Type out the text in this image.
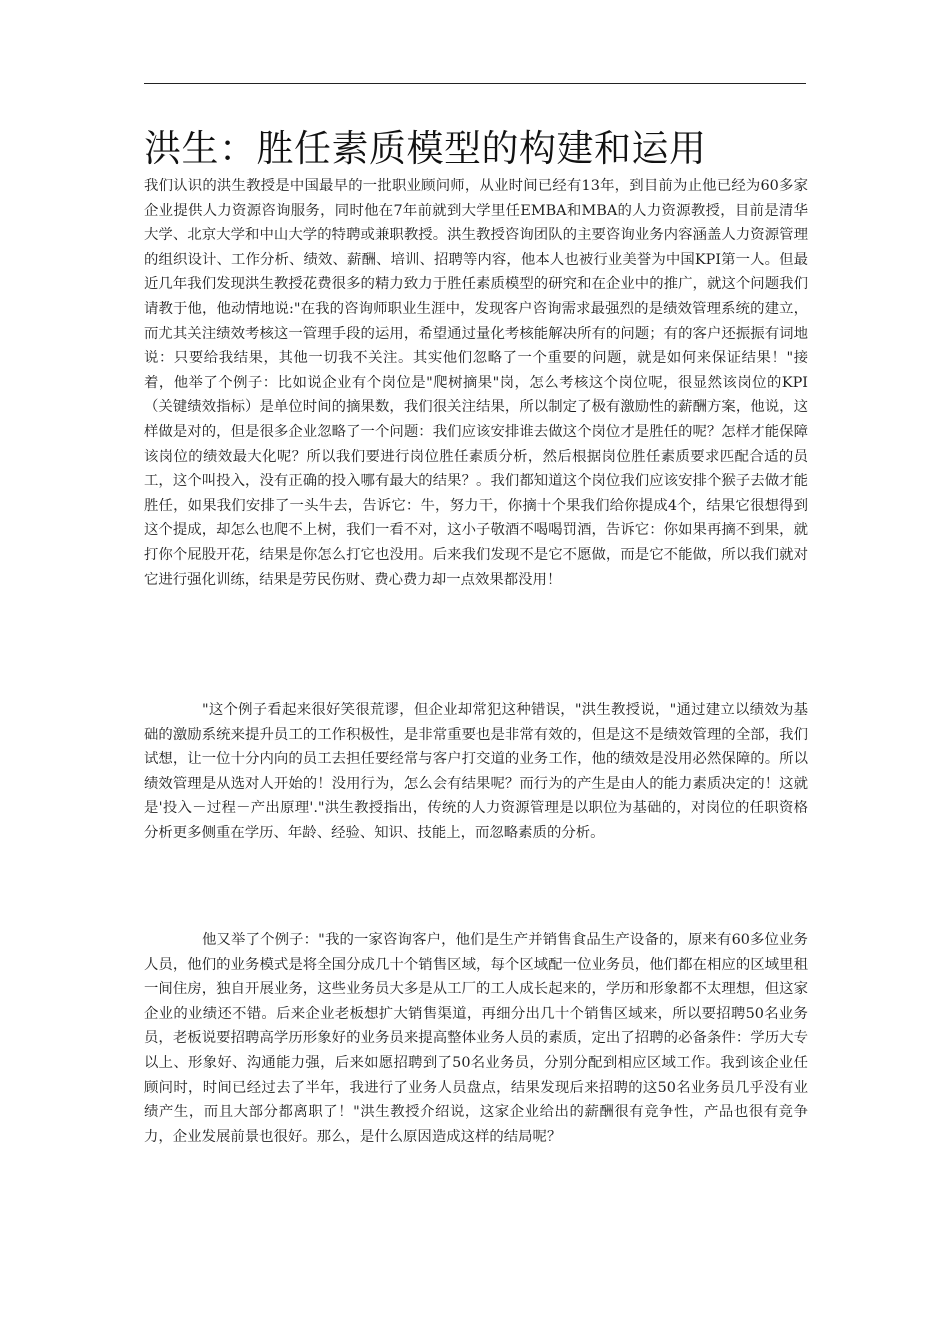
洪生：胜任素质模型的构建和运用

我们认识的洪生教授是中国最早的一批职业顾问师，从业时间已经有13年，到目前为止他已经为60多家企业提供人力资源咨询服务，同时他在7年前就到大学里任EMBA和MBA的人力资源教授，目前是清华大学、北京大学和中山大学的特聘或兼职教授。洪生教授咨询团队的主要咨询业务内容涵盖人力资源管理的组织设计、工作分析、绩效、薪酬、培训、招聘等内容，他本人也被行业美誉为中国KPI第一人。但最近几年我们发现洪生教授花费很多的精力致力于胜任素质模型的研究和在企业中的推广，就这个问题我们请教于他，他动情地说:"在我的咨询师职业生涯中，发现客户咨询需求最强烈的是绩效管理系统的建立，而尤其关注绩效考核这一管理手段的运用，希望通过量化考核能解决所有的问题；有的客户还振振有词地说：只要给我结果，其他一切我不关注。其实他们忽略了一个重要的问题，就是如何来保证结果！"接着，他举了个例子：比如说企业有个岗位是"爬树摘果"岗，怎么考核这个岗位呢，很显然该岗位的KPI（关键绩效指标）是单位时间的摘果数，我们很关注结果，所以制定了极有激励性的薪酬方案，他说，这样做是对的，但是很多企业忽略了一个问题：我们应该安排谁去做这个岗位才是胜任的呢？怎样才能保障该岗位的绩效最大化呢？所以我们要进行岗位胜任素质分析，然后根据岗位胜任素质要求匹配合适的员工，这个叫投入，没有正确的投入哪有最大的结果？。我们都知道这个岗位我们应该安排个猴子去做才能胜任，如果我们安排了一头牛去，告诉它：牛，努力干，你摘十个果我们给你提成4个，结果它很想得到这个提成，却怎么也爬不上树，我们一看不对，这小子敬酒不喝喝罚酒，告诉它：你如果再摘不到果，就打你个屁股开花，结果是你怎么打它也没用。后来我们发现不是它不愿做，而是它不能做，所以我们就对它进行强化训练，结果是劳民伤财、费心费力却一点效果都没用！

"这个例子看起来很好笑很荒谬，但企业却常犯这种错误，"洪生教授说，"通过建立以绩效为基础的激励系统来提升员工的工作积极性，是非常重要也是非常有效的，但是这不是绩效管理的全部，我们试想，让一位十分内向的员工去担任要经常与客户打交道的业务工作，他的绩效是没用必然保障的。所以绩效管理是从选对人开始的！没用行为，怎么会有结果呢？而行为的产生是由人的能力素质决定的！这就是'投入－过程－产出原理'."洪生教授指出，传统的人力资源管理是以职位为基础的，对岗位的任职资格分析更多侧重在学历、年龄、经验、知识、技能上，而忽略素质的分析。

他又举了个例子："我的一家咨询客户，他们是生产并销售食品生产设备的，原来有60多位业务人员，他们的业务模式是将全国分成几十个销售区域，每个区域配一位业务员，他们都在相应的区域里租一间住房，独自开展业务，这些业务员大多是从工厂的工人成长起来的，学历和形象都不太理想，但这家企业的业绩还不错。后来企业老板想扩大销售渠道，再细分出几十个销售区域来，所以要招聘50名业务员，老板说要招聘高学历形象好的业务员来提高整体业务人员的素质，定出了招聘的必备条件：学历大专以上、形象好、沟通能力强，后来如愿招聘到了50名业务员，分别分配到相应区域工作。我到该企业任顾问时，时间已经过去了半年，我进行了业务人员盘点，结果发现后来招聘的这50名业务员几乎没有业绩产生，而且大部分都离职了！"洪生教授介绍说，这家企业给出的薪酬很有竞争性，产品也很有竞争力，企业发展前景也很好。那么，是什么原因造成这样的结局呢？
